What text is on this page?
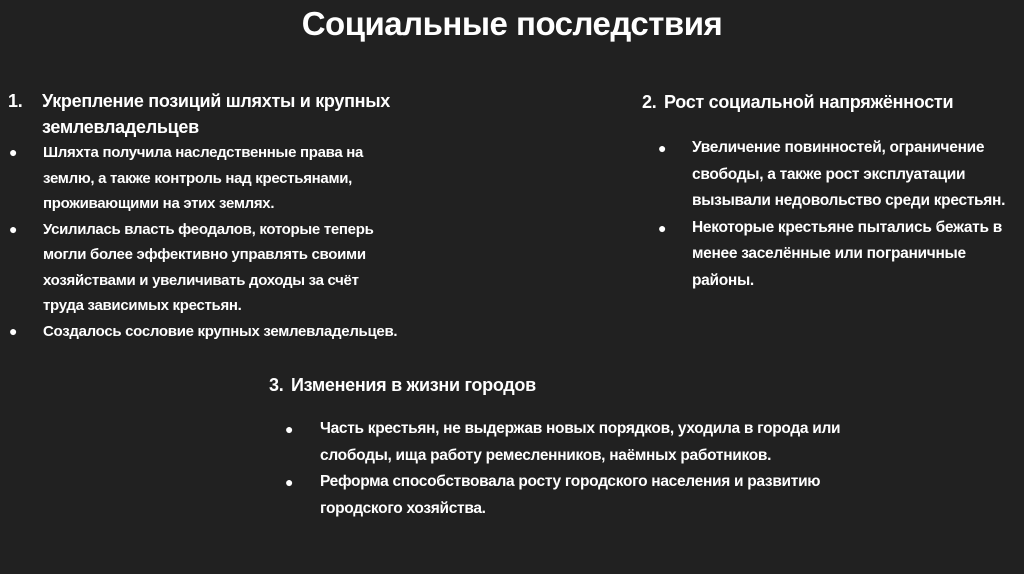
Социальные последствия
1.	Укрепление позиций шляхты и крупных землевладельцев
●	Шляхта получила наследственные права на землю, а также контроль над крестьянами, проживающими на этих землях.
●	Усилилась власть феодалов, которые теперь могли более эффективно управлять своими хозяйствами и увеличивать доходы за счёт труда зависимых крестьян.
●	Создалось сословие крупных землевладельцев.
2. Рост социальной напряжённости
●	Увеличение повинностей, ограничение свободы, а также рост эксплуатации вызывали недовольство среди крестьян.
●	Некоторые крестьяне пытались бежать в менее заселённые или пограничные районы.
3. Изменения в жизни городов
●	Часть крестьян, не выдержав новых порядков, уходила в города или слободы, ища работу ремесленников, наёмных работников.
●	Реформа способствовала росту городского населения и развитию городского хозяйства.
